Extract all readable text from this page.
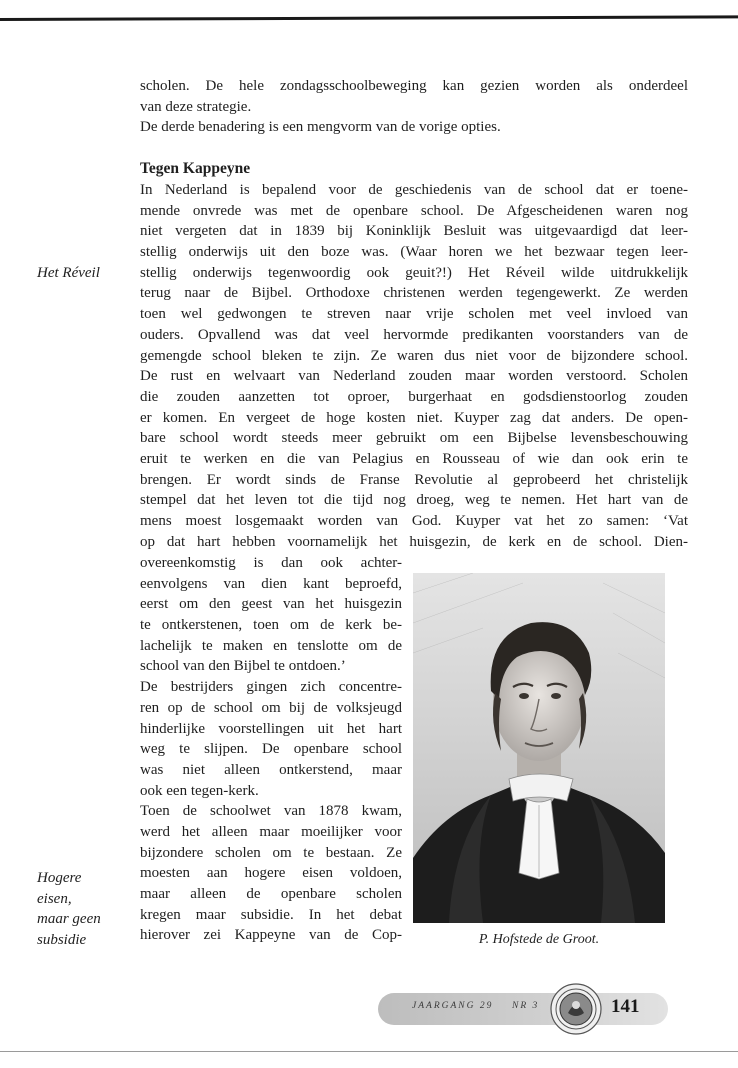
scholen. De hele zondagsschoolbeweging kan gezien worden als onderdeel
van deze strategie.
De derde benadering is een mengvorm van de vorige opties.
Tegen Kappeyne
In Nederland is bepalend voor de geschiedenis van de school dat er toene-
mende onvrede was met de openbare school. De Afgescheidenen waren nog
niet vergeten dat in 1839 bij Koninklijk Besluit was uitgevaardigd dat leer-
stellig onderwijs uit den boze was. (Waar horen we het bezwaar tegen leer-
stellig onderwijs tegenwoordig ook geuit?!) Het Réveil wilde uitdrukkelijk
terug naar de Bijbel. Orthodoxe christenen werden tegengewerkt. Ze werden
toen wel gedwongen te streven naar vrije scholen met veel invloed van
ouders. Opvallend was dat veel hervormde predikanten voorstanders van de
gemengde school bleken te zijn. Ze waren dus niet voor de bijzondere school.
De rust en welvaart van Nederland zouden maar worden verstoord. Scholen
die zouden aanzetten tot oproer, burgerhaat en godsdienstoorlog zouden
er komen. En vergeet de hoge kosten niet. Kuyper zag dat anders. De open-
bare school wordt steeds meer gebruikt om een Bijbelse levensbeschouwing
eruit te werken en die van Pelagius en Rousseau of wie dan ook erin te
brengen. Er wordt sinds de Franse Revolutie al geprobeerd het christelijk
stempel dat het leven tot die tijd nog droeg, weg te nemen. Het hart van de
mens moest losgemaakt worden van God. Kuyper vat het zo samen: ‘Vat
op dat hart hebben voornamelijk het huisgezin, de kerk en de school. Dien-
overeenkomstig is dan ook achter-
eenvolgens van dien kant beproefd,
eerst om den geest van het huisgezin
te ontkerstenen, toen om de kerk be-
lachelijk te maken en tenslotte om de
school van den Bijbel te ontdoen.’
De bestrijders gingen zich concentre-
ren op de school om bij de volksjeugd
hinderlijke voorstellingen uit het hart
weg te slijpen. De openbare school
was niet alleen ontkerstend, maar
ook een tegen-kerk.
Toen de schoolwet van 1878 kwam,
werd het alleen maar moeilijker voor
bijzondere scholen om te bestaan. Ze
moesten aan hogere eisen voldoen,
maar alleen de openbare scholen
kregen maar subsidie. In het debat
hierover zei Kappeyne van de Cop-
Het Réveil
Hogere
eisen,
maar geen
subsidie	P. Hofstede de Groot.

JAARGANG 29 NR 3	141
